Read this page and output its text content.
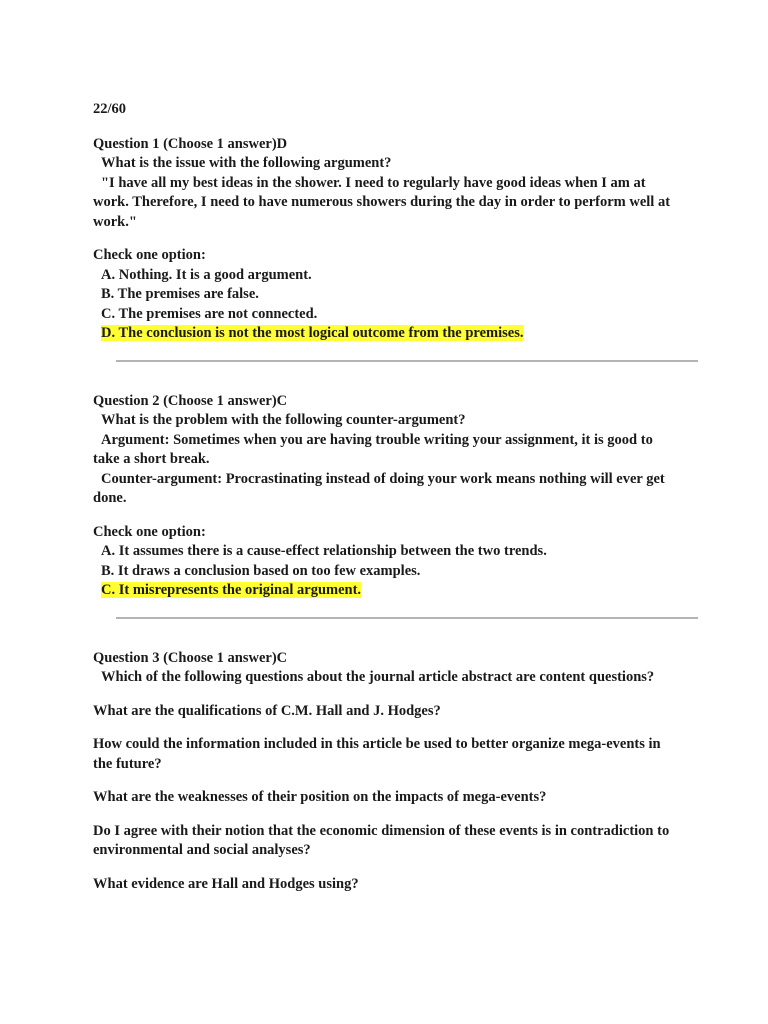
22/60
Question 1 (Choose 1 answer)D
What is the issue with the following argument?
"I have all my best ideas in the shower. I need to regularly have good ideas when I am at work. Therefore, I need to have numerous showers during the day in order to perform well at work."
Check one option:
A. Nothing. It is a good argument.
B. The premises are false.
C. The premises are not connected.
D. The conclusion is not the most logical outcome from the premises.
Question 2 (Choose 1 answer)C
What is the problem with the following counter-argument?
Argument: Sometimes when you are having trouble writing your assignment, it is good to take a short break.
Counter-argument: Procrastinating instead of doing your work means nothing will ever get done.
Check one option:
A. It assumes there is a cause-effect relationship between the two trends.
B. It draws a conclusion based on too few examples.
C. It misrepresents the original argument.
Question 3 (Choose 1 answer)C
Which of the following questions about the journal article abstract are content questions?
What are the qualifications of C.M. Hall and J. Hodges?
How could the information included in this article be used to better organize mega-events in the future?
What are the weaknesses of their position on the impacts of mega-events?
Do I agree with their notion that the economic dimension of these events is in contradiction to environmental and social analyses?
What evidence are Hall and Hodges using?
